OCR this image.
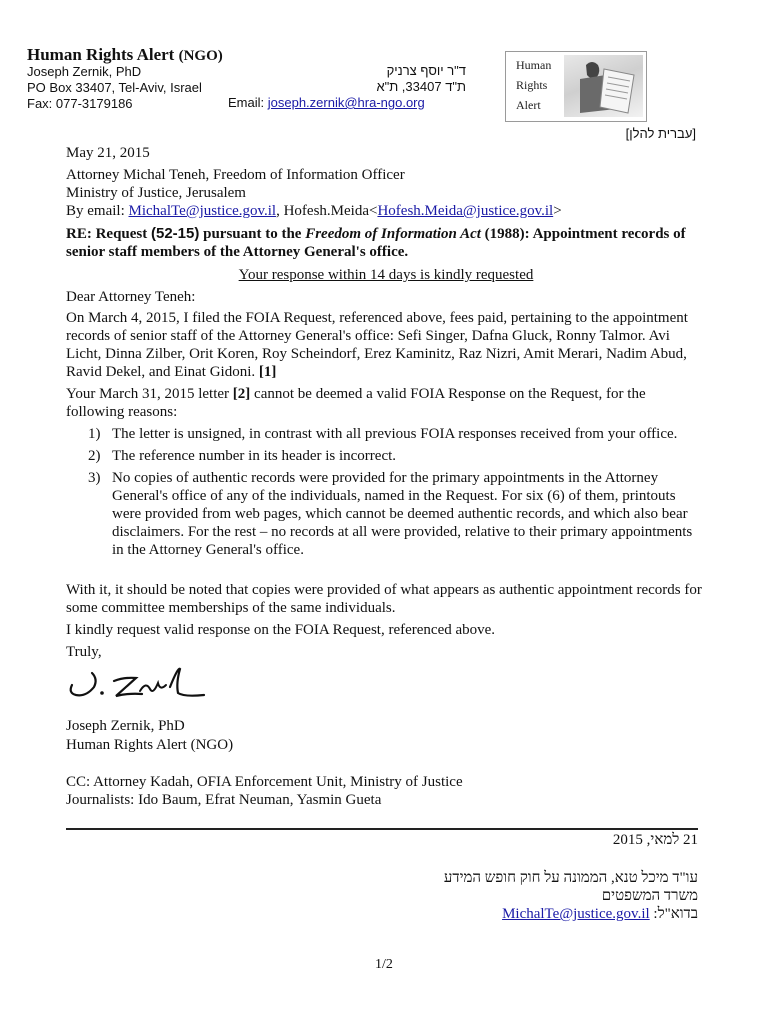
Human Rights Alert (NGO)
Joseph Zernik, PhD
PO Box 33407, Tel-Aviv, Israel
Fax: 077-3179186
ד"ר יוסף צרניק
ת"ד 33407, ת"א
Email: joseph.zernik@hra-ngo.org
Human
Rights
Alert
[עברית להלן]
May 21, 2015
Attorney Michal Teneh, Freedom of Information Officer
Ministry of Justice, Jerusalem
By email: MichalTe@justice.gov.il, Hofesh.Meida<Hofesh.Meida@justice.gov.il>
RE: Request (52-15) pursuant to the Freedom of Information Act (1988): Appointment records of senior staff members of the Attorney General's office.
Your response within 14 days is kindly requested
Dear Attorney Teneh:
On March 4, 2015, I filed the FOIA Request, referenced above, fees paid, pertaining to the appointment records of senior staff of the Attorney General's office: Sefi Singer, Dafna Gluck, Ronny Talmor. Avi Licht, Dinna Zilber, Orit Koren, Roy Scheindorf, Erez Kaminitz, Raz Nizri, Amit Merari, Nadim Abud, Ravid Dekel, and Einat Gidoni. [1]
Your March 31, 2015 letter [2] cannot be deemed a valid FOIA Response on the Request, for the following reasons:
1) The letter is unsigned, in contrast with all previous FOIA responses received from your office.
2) The reference number in its header is incorrect.
3) No copies of authentic records were provided for the primary appointments in the Attorney General's office of any of the individuals, named in the Request. For six (6) of them, printouts were provided from web pages, which cannot be deemed authentic records, and which also bear disclaimers. For the rest – no records at all were provided, relative to their primary appointments in the Attorney General's office.
With it, it should be noted that copies were provided of what appears as authentic appointment records for some committee memberships of the same individuals.
I kindly request valid response on the FOIA Request, referenced above.
Truly,
Joseph Zernik, PhD
Human Rights Alert (NGO)
CC: Attorney Kadah, OFIA Enforcement Unit, Ministry of Justice
Journalists: Ido Baum, Efrat Neuman, Yasmin Gueta
21 למאי, 2015
עו"ד מיכל טנא, הממונה על חוק חופש המידע
משרד המשפטים
בדוא"ל: MichalTe@justice.gov.il
1/2
